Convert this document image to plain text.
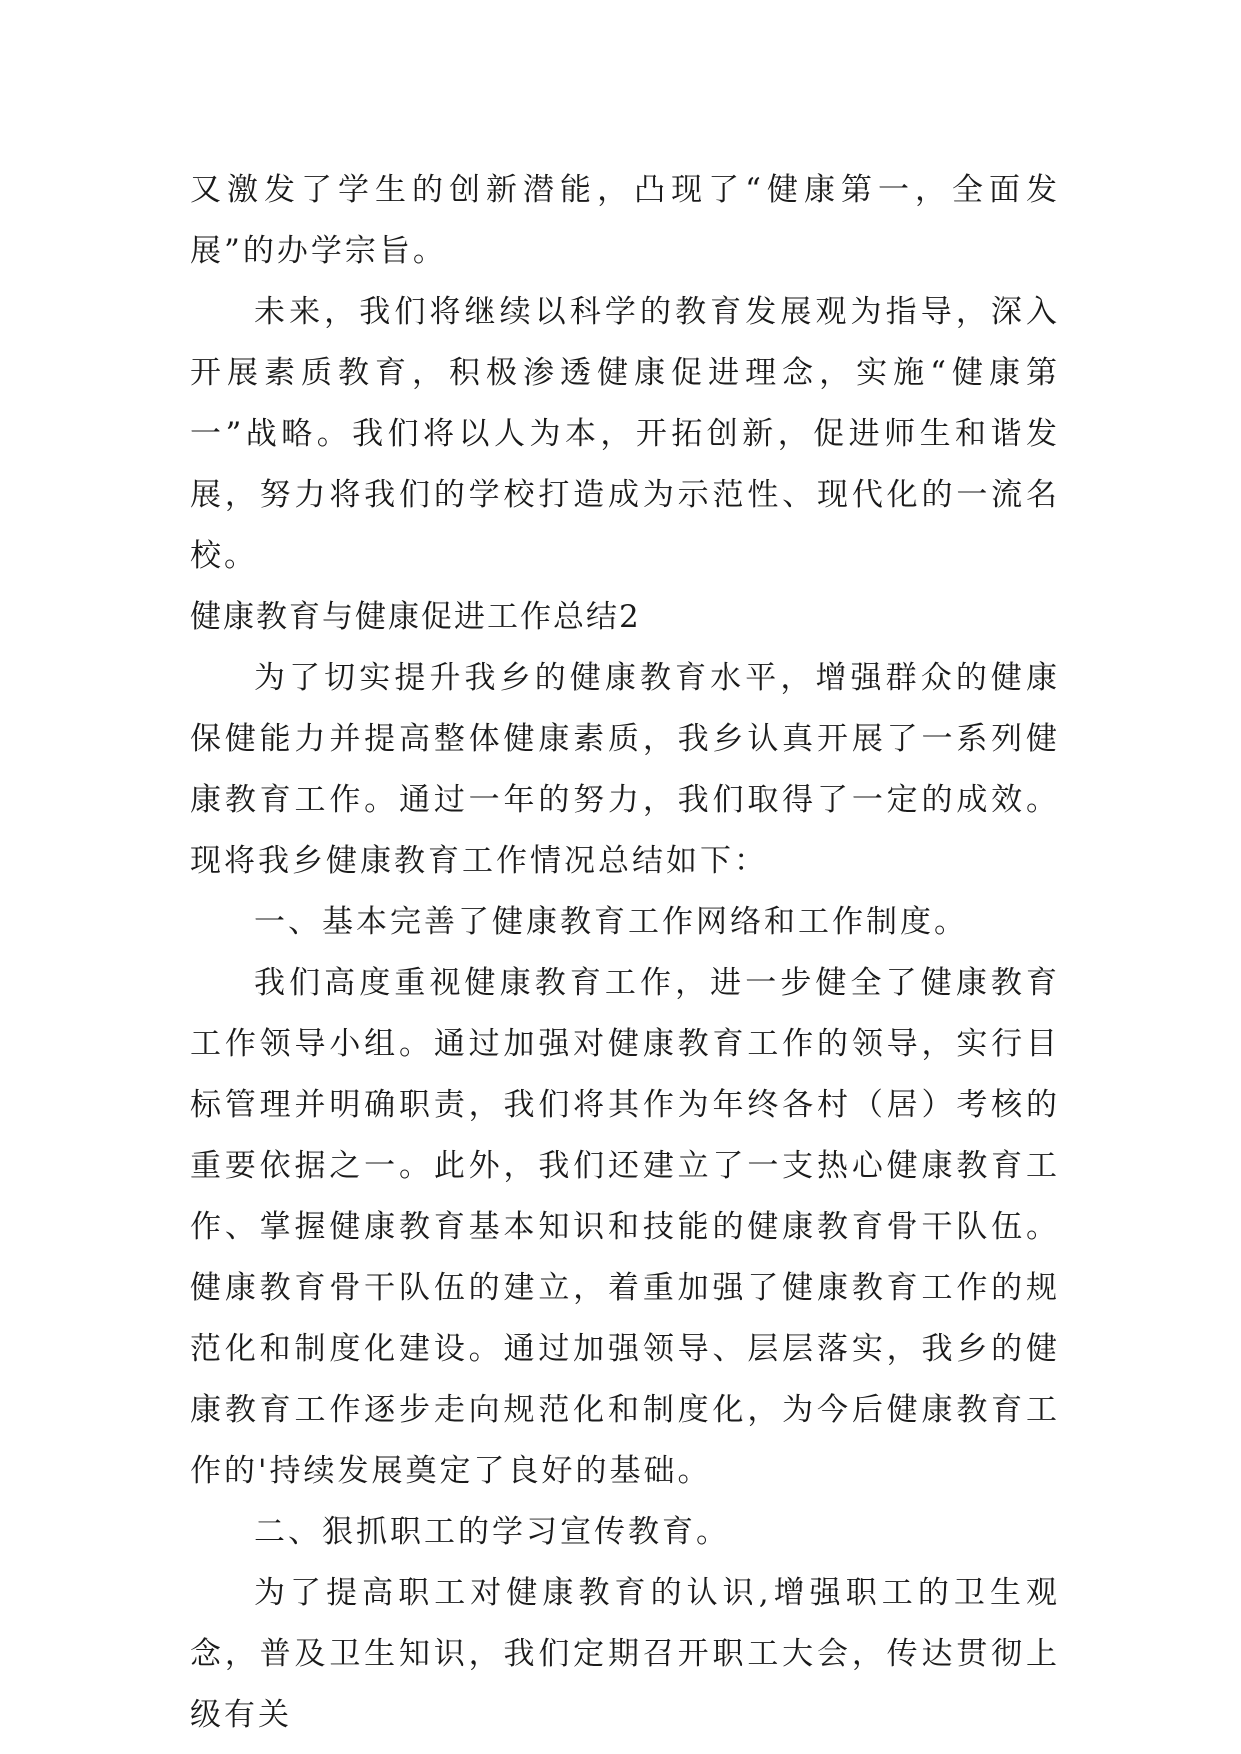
又激发了学生的创新潜能，凸现了“健康第一，全面发展”的办学宗旨。

未来，我们将继续以科学的教育发展观为指导，深入开展素质教育，积极渗透健康促进理念，实施“健康第一”战略。我们将以人为本，开拓创新，促进师生和谐发展，努力将我们的学校打造成为示范性、现代化的一流名校。

健康教育与健康促进工作总结2

为了切实提升我乡的健康教育水平，增强群众的健康保健能力并提高整体健康素质，我乡认真开展了一系列健康教育工作。通过一年的努力，我们取得了一定的成效。现将我乡健康教育工作情况总结如下：

一、基本完善了健康教育工作网络和工作制度。

我们高度重视健康教育工作，进一步健全了健康教育工作领导小组。通过加强对健康教育工作的领导，实行目标管理并明确职责，我们将其作为年终各村（居）考核的重要依据之一。此外，我们还建立了一支热心健康教育工作、掌握健康教育基本知识和技能的健康教育骨干队伍。健康教育骨干队伍的建立，着重加强了健康教育工作的规范化和制度化建设。通过加强领导、层层落实，我乡的健康教育工作逐步走向规范化和制度化，为今后健康教育工作的'持续发展奠定了良好的基础。

二、狠抓职工的学习宣传教育。

为了提高职工对健康教育的认识,增强职工的卫生观念，普及卫生知识，我们定期召开职工大会，传达贯彻上级有关
